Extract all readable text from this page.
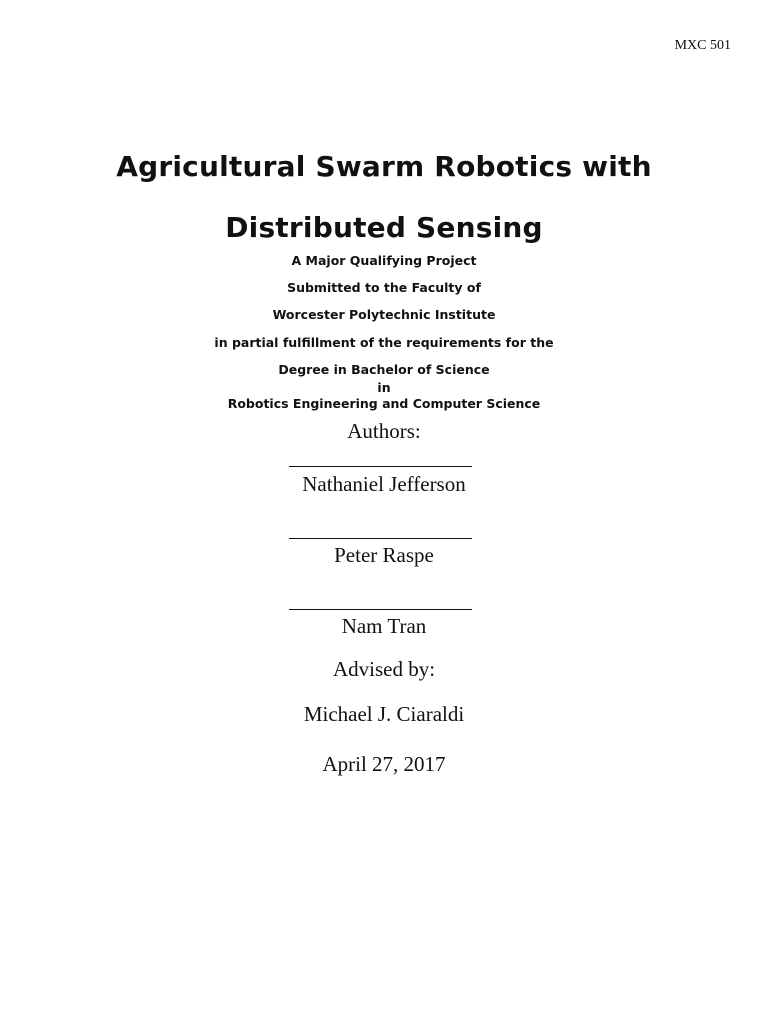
MXC 501
Agricultural Swarm Robotics with
Distributed Sensing
A Major Qualifying Project
Submitted to the Faculty of
Worcester Polytechnic Institute
in partial fulfillment of the requirements for the
Degree in Bachelor of Science
in
Robotics Engineering and Computer Science
Authors:
Nathaniel Jefferson
Peter Raspe
Nam Tran
Advised by:
Michael J. Ciaraldi
April 27, 2017
